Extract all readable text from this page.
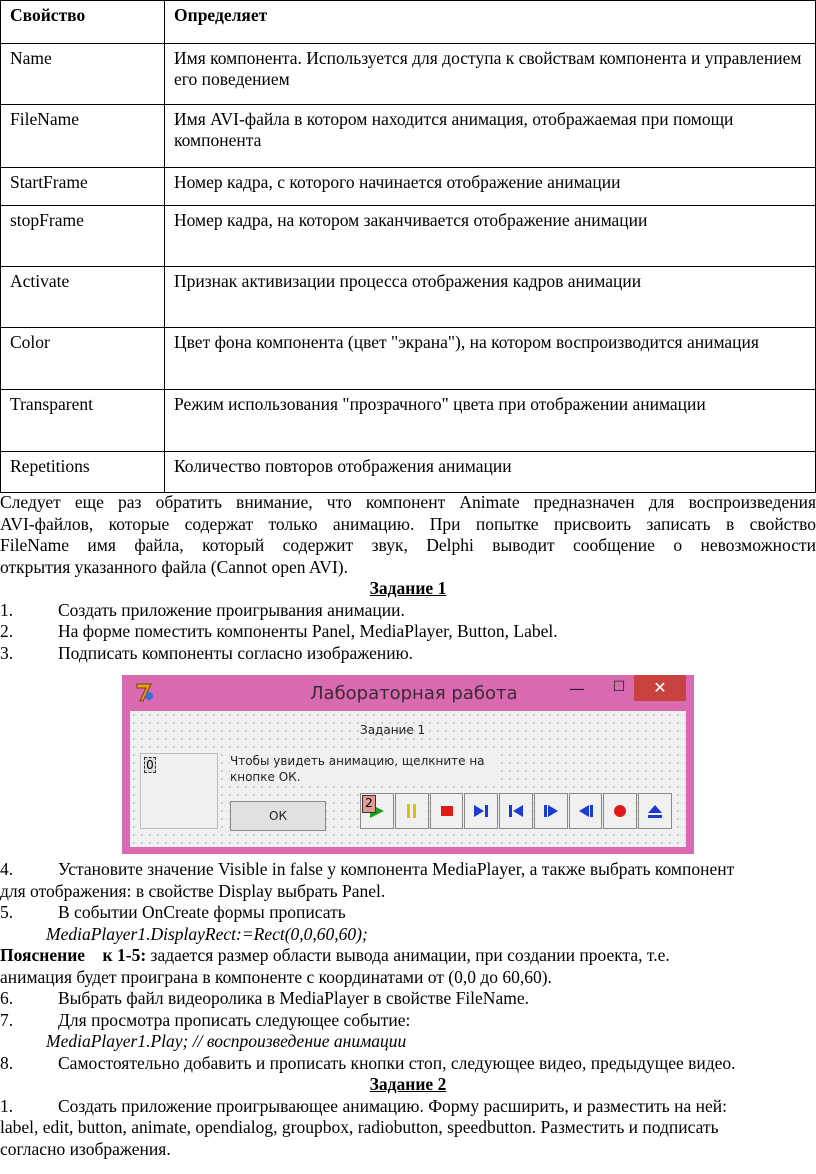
Свойство	Определяет
Name	Имя компонента. Используется для доступа к свойствам компонента и управлением его поведением
FileName	Имя AVI-файла в котором находится анимация, отображаемая при помощи компонента
StartFrame	Номер кадра, с которого начинается отображение анимации
stopFrame	Номер кадра, на котором заканчивается отображение анимации
Activate	Признак активизации процесса отображения кадров анимации
Color	Цвет фона компонента (цвет "экрана"), на котором воспроизводится анимация
Transparent	Режим использования "прозрачного" цвета при отображении анимации
Repetitions	Количество повторов отображения анимации

Следует еще раз обратить внимание, что компонент Animate предназначен для воспроизведения

AVI-файлов, которые содержат только анимацию. При попытке присвоить записать в свойство

FileName имя файла, который содержит звук, Delphi выводит сообщение о невозможности

открытия указанного файла (Cannot open AVI).

Задание 1

1.	Создать приложение проигрывания анимации.

2.	На форме поместить компоненты Panel, MediaPlayer, Button, Label.

3.	Подписать компоненты согласно изображению.

4.	Установите значение Visible in false у компонента MediaPlayer, а также выбрать компонент

для отображения: в свойстве Display выбрать Panel.

5.	В событии OnCreate формы прописать

MediaPlayer1.DisplayRect:=Rect(0,0,60,60);

Пояснение    к 1-5: задается размер области вывода анимации, при создании проекта, т.е.

анимация будет проиграна в компоненте с координатами от (0,0 до 60,60).

6.	Выбрать файл видеоролика в MediaPlayer в свойстве FileName.

7.	Для просмотра прописать следующее событие:

MediaPlayer1.Play; // воспроизведение анимации

8.	Самостоятельно добавить и прописать кнопки стоп, следующее видео, предыдущее видео.

Задание 2

1.	Создать приложение проигрывающее анимацию. Форму расширить, и разместить на ней:

label, edit, button, animate, opendialog, groupbox, radiobutton, speedbutton. Разместить и подписать

согласно изображения.

Лабораторная работа	—	☐	✕
Задание 1
0	Чтобы увидеть анимацию, щелкните на кнопке ОК.
ОК
2
